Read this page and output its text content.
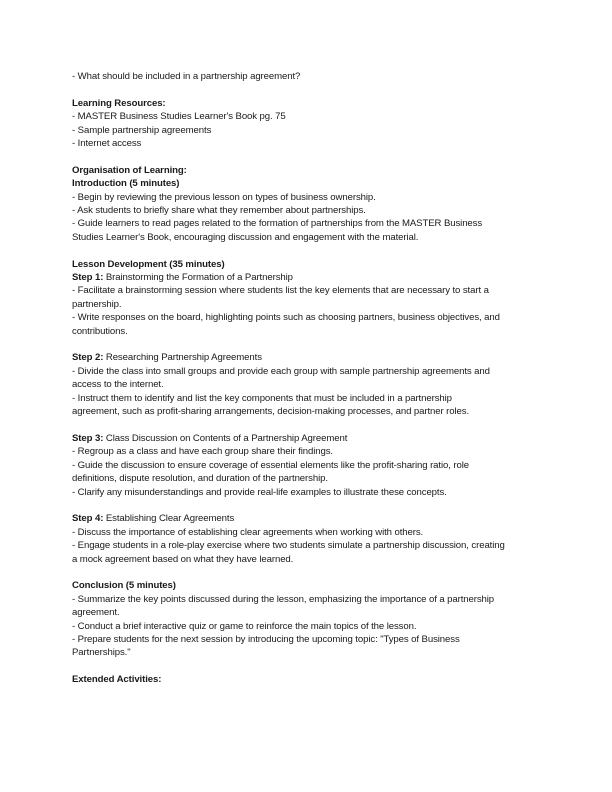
- What should be included in a partnership agreement?

Learning Resources:

- MASTER Business Studies Learner's Book pg. 75

- Sample partnership agreements

- Internet access

Organisation of Learning:

Introduction (5 minutes)

- Begin by reviewing the previous lesson on types of business ownership.

- Ask students to briefly share what they remember about partnerships.

- Guide learners to read pages related to the formation of partnerships from the MASTER Business

Studies Learner's Book, encouraging discussion and engagement with the material.

Lesson Development (35 minutes)

Step 1: Brainstorming the Formation of a Partnership

- Facilitate a brainstorming session where students list the key elements that are necessary to start a

partnership.

- Write responses on the board, highlighting points such as choosing partners, business objectives, and

contributions.

Step 2: Researching Partnership Agreements

- Divide the class into small groups and provide each group with sample partnership agreements and

access to the internet.

- Instruct them to identify and list the key components that must be included in a partnership

agreement, such as profit-sharing arrangements, decision-making processes, and partner roles.

Step 3: Class Discussion on Contents of a Partnership Agreement

- Regroup as a class and have each group share their findings.

- Guide the discussion to ensure coverage of essential elements like the profit-sharing ratio, role

definitions, dispute resolution, and duration of the partnership.

- Clarify any misunderstandings and provide real-life examples to illustrate these concepts.

Step 4: Establishing Clear Agreements

- Discuss the importance of establishing clear agreements when working with others.

- Engage students in a role-play exercise where two students simulate a partnership discussion, creating

a mock agreement based on what they have learned.

Conclusion (5 minutes)

- Summarize the key points discussed during the lesson, emphasizing the importance of a partnership

agreement.

- Conduct a brief interactive quiz or game to reinforce the main topics of the lesson.

- Prepare students for the next session by introducing the upcoming topic: "Types of Business

Partnerships."

Extended Activities:
